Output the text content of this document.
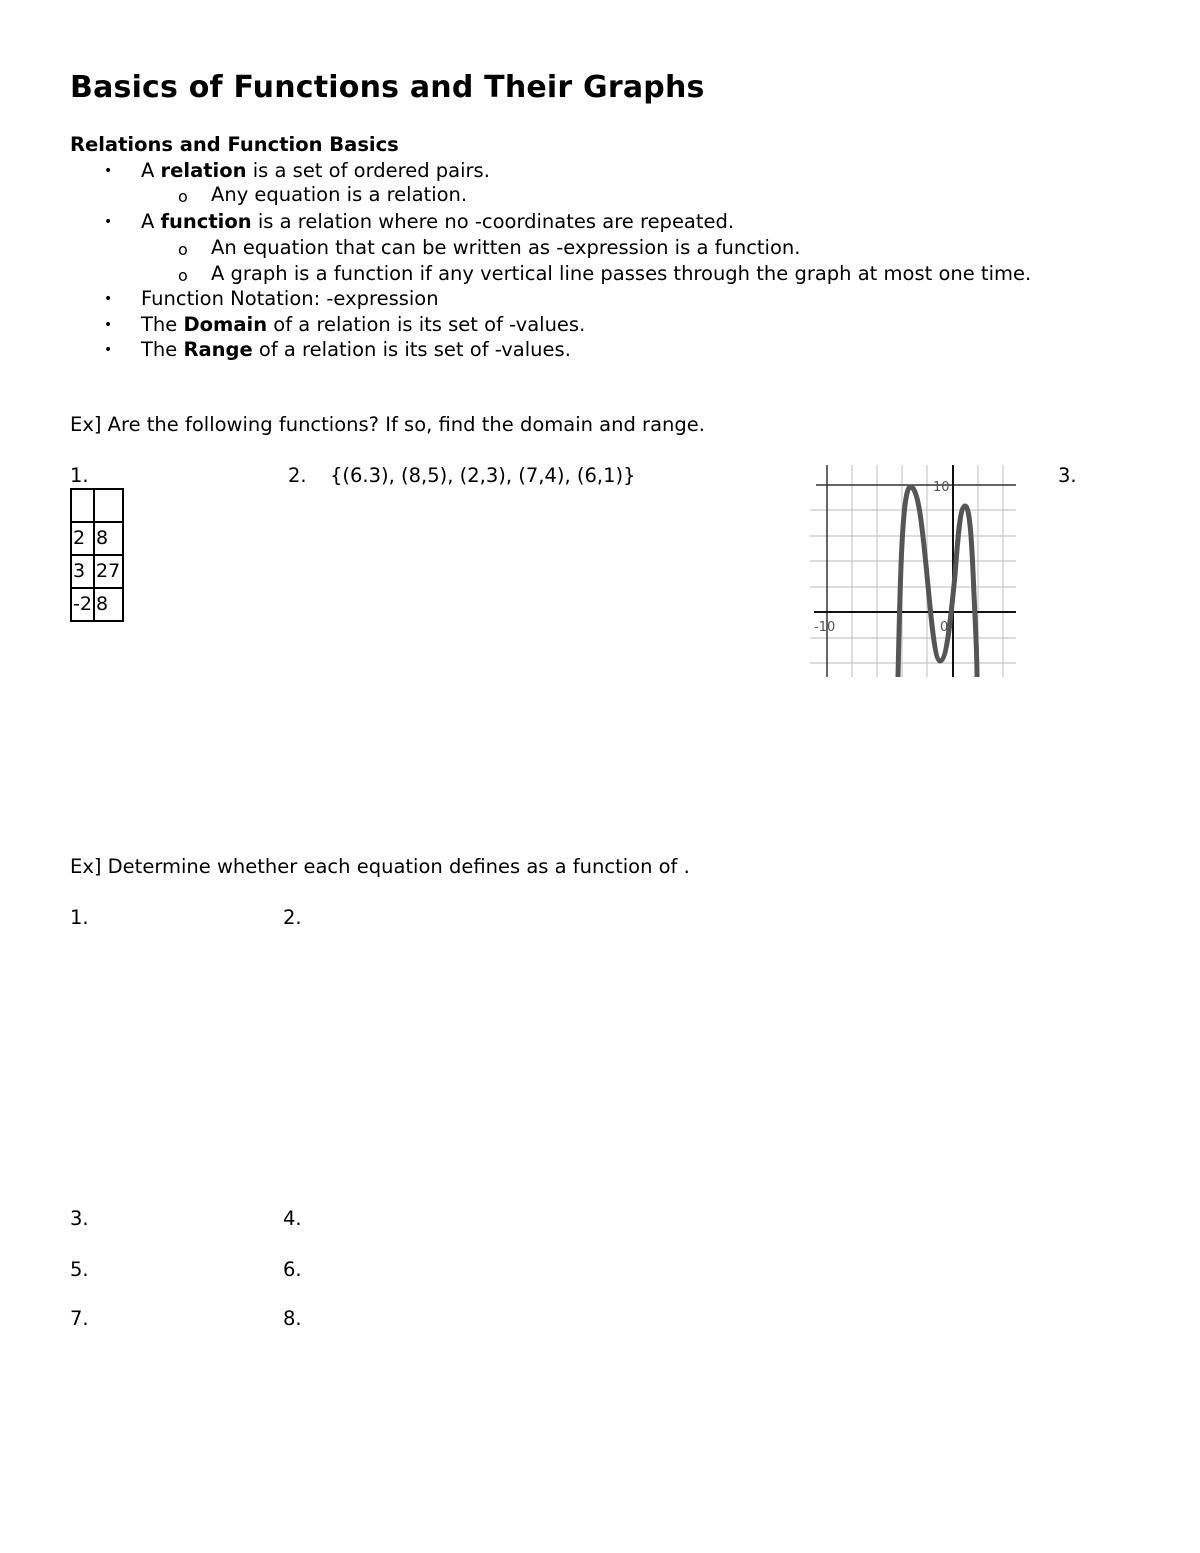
Basics of Functions and Their Graphs
Relations and Function Basics
• A relation is a set of ordered pairs.
o Any equation is a relation.
• A function is a relation where no -coordinates are repeated.
o An equation that can be written as -expression is a function.
o A graph is a function if any vertical line passes through the graph at most one time.
• Function Notation: -expression
• The Domain of a relation is its set of -values.
• The Range of a relation is its set of -values.
Ex] Are the following functions? If so, find the domain and range.
1.

2	8
3	27
-2	8
2. {(6.3), (8,5), (2,3), (7,4), (6,1)}	3.
10
-10	0
Ex] Determine whether each equation defines as a function of .
1.	2.
3.	4.
5.	6.
7.	8.
